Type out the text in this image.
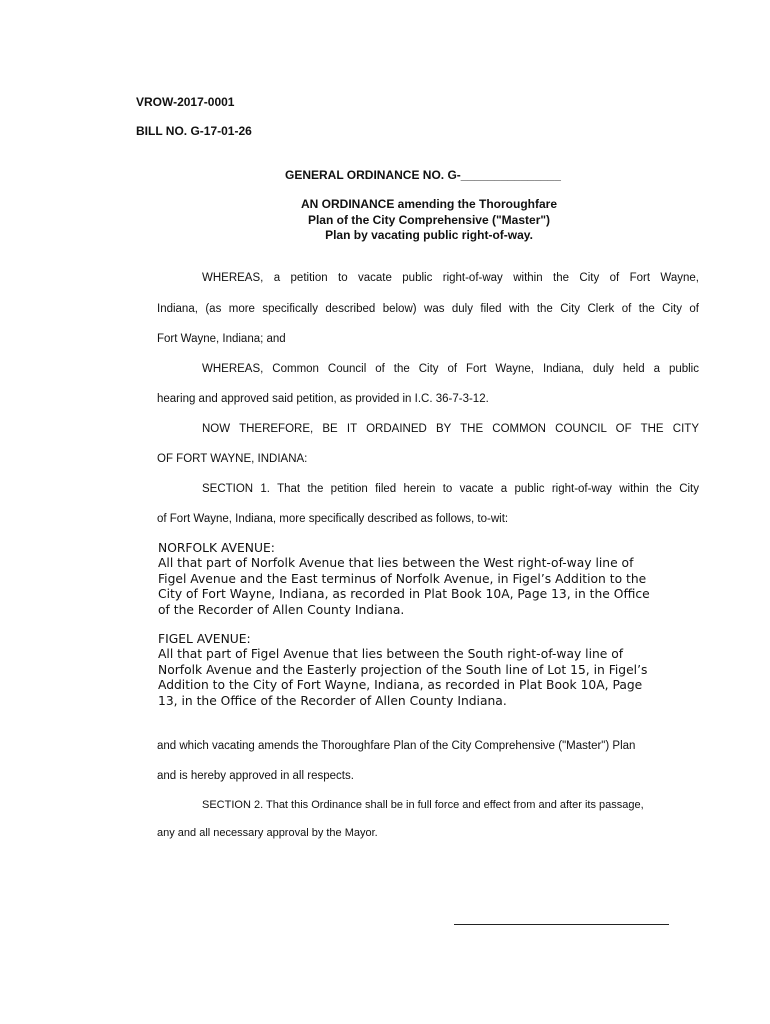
VROW-2017-0001
BILL NO. G-17-01-26
GENERAL ORDINANCE NO. G-_______________
AN ORDINANCE amending the Thoroughfare
Plan of the City Comprehensive ("Master")
Plan by vacating public right-of-way.
WHEREAS, a petition to vacate public right-of-way within the City of Fort Wayne,
Indiana, (as more specifically described below) was duly filed with the City Clerk of the City of
Fort Wayne, Indiana; and
WHEREAS, Common Council of the City of Fort Wayne, Indiana, duly held a public
hearing and approved said petition, as provided in I.C. 36-7-3-12.
NOW THEREFORE, BE IT ORDAINED BY THE COMMON COUNCIL OF THE CITY
OF FORT WAYNE, INDIANA:
SECTION 1. That the petition filed herein to vacate a public right-of-way within the City
of Fort Wayne, Indiana, more specifically described as follows, to-wit:
NORFOLK AVENUE:
All that part of Norfolk Avenue that lies between the West right-of-way line of
Figel Avenue and the East terminus of Norfolk Avenue, in Figel’s Addition to the
City of Fort Wayne, Indiana, as recorded in Plat Book 10A, Page 13, in the Office
of the Recorder of Allen County Indiana.
FIGEL AVENUE:
All that part of Figel Avenue that lies between the South right-of-way line of
Norfolk Avenue and the Easterly projection of the South line of Lot 15, in Figel’s
Addition to the City of Fort Wayne, Indiana, as recorded in Plat Book 10A, Page
13, in the Office of the Recorder of Allen County Indiana.
and which vacating amends the Thoroughfare Plan of the City Comprehensive ("Master") Plan
and is hereby approved in all respects.
SECTION 2. That this Ordinance shall be in full force and effect from and after its passage,
any and all necessary approval by the Mayor.
